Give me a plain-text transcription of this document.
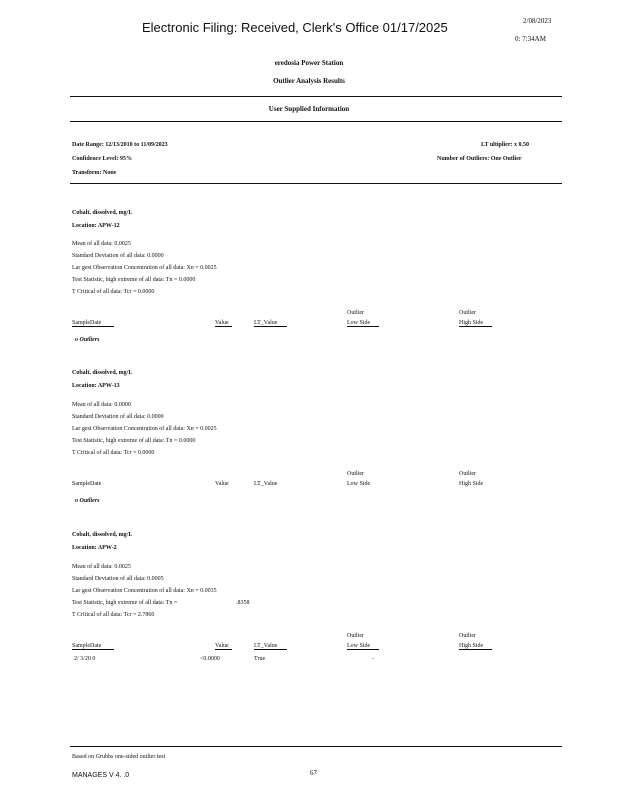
Electronic Filing: Received, Clerk's Office 01/17/2025	2/08/2023
0: 7:34AM
eredosia Power Station
Outlier Analysis Results
User Supplied Information
Date Range: 12/13/2010 to 11/09/2023
Confidence Level: 95%
Transform: None
LT ultiplier: x 0.50
Number of Outliers: One Outlier
Cobalt, dissolved, mg/L
Location: APW-12
Mean of all data: 0.0025
Standard Deviation of all data: 0.0000
Lar gest Observation Concentration of all data: Xn = 0.0025
Test Statistic, high extreme of all data: Tn = 0.0000
T Critical of all data: Tcr = 0.0000
Outlier	Outlier
SampleDate	Value	LT_Value	Low Side	High Side
o Outliers
Cobalt, dissolved, mg/L
Location: APW-13
Mean of all data: 0.0000
Standard Deviation of all data: 0.0000
Lar gest Observation Concentration of all data: Xn = 0.0025
Test Statistic, high extreme of all data: Tn = 0.0000
T Critical of all data: Tcr = 0.0000
Outlier	Outlier
SampleDate	Value	LT_Value	Low Side	High Side
o Outliers
Cobalt, dissolved, mg/L
Location: APW-2
Mean of all data: 0.0025
Standard Deviation of all data: 0.0005
Lar gest Observation Concentration of all data: Xn = 0.0035
Test Statistic, high extreme of all data: Tn =	.8358
T Critical of all data: Tcr = 2.7860
Outlier	Outlier
SampleDate	Value	LT_Value	Low Side	High Side
2/ 3/20 0	<0.0000	True	-
Based on Grubbs one-sided outlier test
MANAGES V 4. .0	67
